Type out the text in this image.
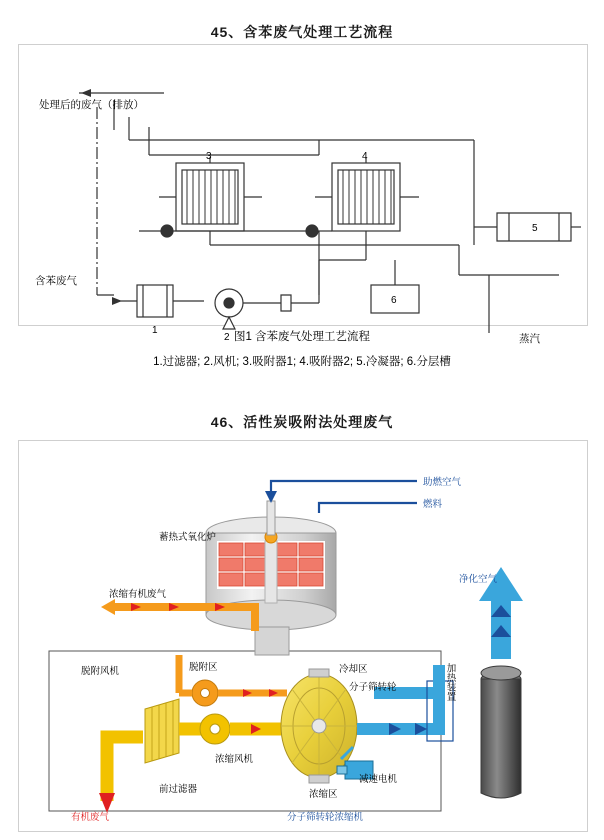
45、含苯废气处理工艺流程
3	4
5
6
1
处理后的废气（排放）
含苯废气
蒸汽
2 图1 含苯废气处理工艺流程
1.过滤器; 2.风机; 3.吸附器1; 4.吸附器2; 5.冷凝器; 6.分层槽
46、活性炭吸附法处理废气
蓄热式氧化炉
助燃空气
燃料
净化空气
浓缩有机废气
脱附风机	脱附区	冷却区
分子筛转轮	加热装置
浓缩风机
浓缩区
减速电机
前过滤器
有机废气	分子筛转轮浓缩机
